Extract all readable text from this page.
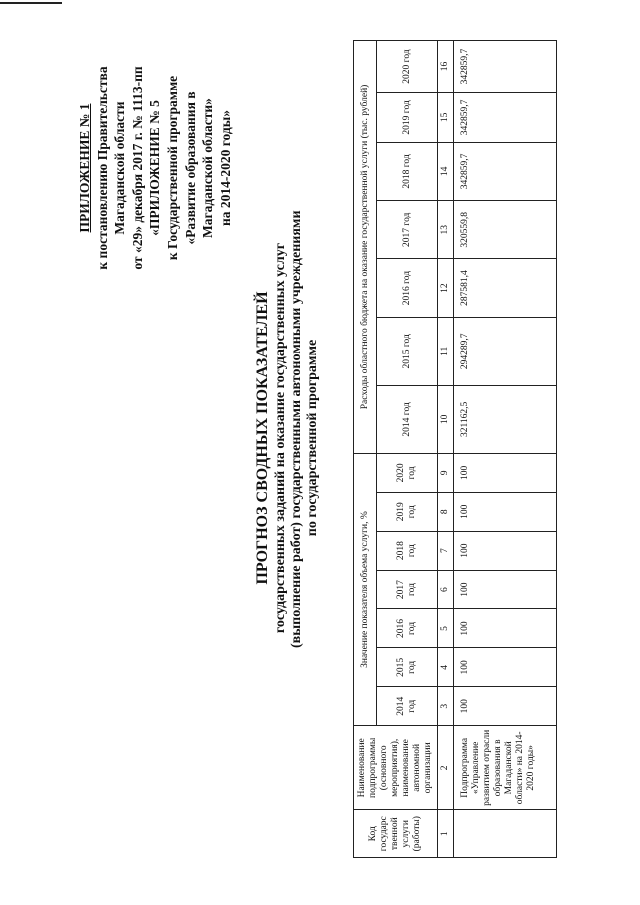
ПРИЛОЖЕНИЕ № 1 к постановлению Правительства Магаданской области от «29» декабря 2017 г. № 1113-пп «ПРИЛОЖЕНИЕ № 5 к Государственной программе «Развитие образования в Магаданской области» на 2014-2020 годы»
ПРОГНОЗ СВОДНЫХ ПОКАЗАТЕЛЕЙ государственных заданий на оказание государственных услуг (выполнение работ) государственными автономными учреждениями по государственной программе
Код государс твенной услуги (работы)	Наименование подпрограммы (основного мероприятия), наименование автономной организации	Значение показателя объема услуги, %							Расходы областного бюджета на оказание государственной услуги (тыс. рублей)						
		2014 год	2015 год	2016 год	2017 год	2018 год	2019 год	2020 год	2014 год	2015 год	2016 год	2017 год	2018 год	2019 год	2020 год
1	2	3	4	5	6	7	8	9	10	11	12	13	14	15	16
	Подпрограмма «Управление развитием отрасли образования в Магаданской области» на 2014-2020 годы»	100	100	100	100	100	100	100	321162,5	294289,7	287581,4	320559,8	342859,7	342859,7	342859,7
